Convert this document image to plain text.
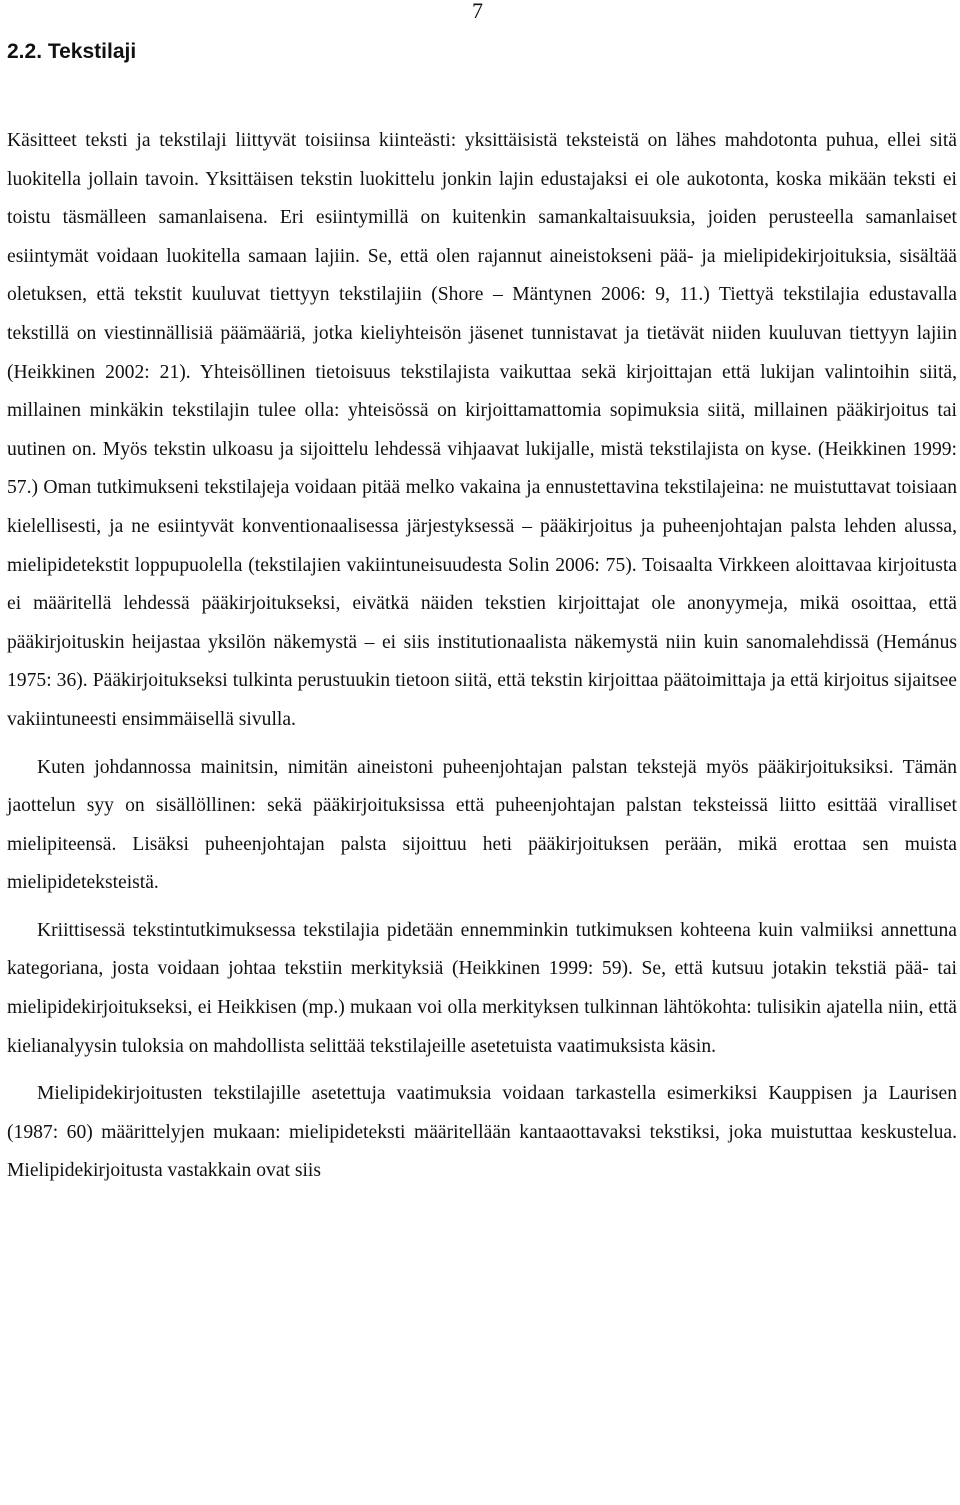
7
2.2. Tekstilaji

Käsitteet teksti ja tekstilaji liittyvät toisiinsa kiinteästi: yksittäisistä teksteistä on lähes mahdotonta puhua, ellei sitä luokitella jollain tavoin. Yksittäisen tekstin luokittelu jonkin lajin edustajaksi ei ole aukotonta, koska mikään teksti ei toistu täsmälleen samanlaisena. Eri esiintymillä on kuitenkin samankaltaisuuksia, joiden perusteella samanlaiset esiintymät voidaan luokitella samaan lajiin. Se, että olen rajannut aineistokseni pää- ja mielipidekirjoituksia, sisältää oletuksen, että tekstit kuuluvat tiettyyn tekstilajiin (Shore – Mäntynen 2006: 9, 11.) Tiettyä tekstilajia edustavalla tekstillä on viestinnällisiä päämääriä, jotka kieliyhteisön jäsenet tunnistavat ja tietävät niiden kuuluvan tiettyyn lajiin (Heikkinen 2002: 21). Yhteisöllinen tietoisuus tekstilajista vaikuttaa sekä kirjoittajan että lukijan valintoihin siitä, millainen minkäkin tekstilajin tulee olla: yhteisössä on kirjoittamattomia sopimuksia siitä, millainen pääkirjoitus tai uutinen on. Myös tekstin ulkoasu ja sijoittelu lehdessä vihjaavat lukijalle, mistä tekstilajista on kyse. (Heikkinen 1999: 57.) Oman tutkimukseni tekstilajeja voidaan pitää melko vakaina ja ennustettavina tekstilajeina: ne muistuttavat toisiaan kielellisesti, ja ne esiintyvät konventionaalisessa järjestyksessä – pääkirjoitus ja puheenjohtajan palsta lehden alussa, mielipidetekstit loppupuolella (tekstilajien vakiintuneisuudesta Solin 2006: 75). Toisaalta Virkkeen aloittavaa kirjoitusta ei määritellä lehdessä pääkirjoitukseksi, eivätkä näiden tekstien kirjoittajat ole anonyymeja, mikä osoittaa, että pääkirjoituskin heijastaa yksilön näkemystä – ei siis institutionaalista näkemystä niin kuin sanomalehdissä (Hemánus 1975: 36). Pääkirjoitukseksi tulkinta perustuukin tietoon siitä, että tekstin kirjoittaa päätoimittaja ja että kirjoitus sijaitsee vakiintuneesti ensimmäisellä sivulla.

Kuten johdannossa mainitsin, nimitän aineistoni puheenjohtajan palstan tekstejä myös pääkirjoituksiksi. Tämän jaottelun syy on sisällöllinen: sekä pääkirjoituksissa että puheenjohtajan palstan teksteissä liitto esittää viralliset mielipiteensä. Lisäksi puheenjohtajan palsta sijoittuu heti pääkirjoituksen perään, mikä erottaa sen muista mielipideteksteistä.

Kriittisessä tekstintutkimuksessa tekstilajia pidetään ennemminkin tutkimuksen kohteena kuin valmiiksi annettuna kategoriana, josta voidaan johtaa tekstiin merkityksiä (Heikkinen 1999: 59). Se, että kutsuu jotakin tekstiä pää- tai mielipidekirjoitukseksi, ei Heikkisen (mp.) mukaan voi olla merkityksen tulkinnan lähtökohta: tulisikin ajatella niin, että kielianalyysin tuloksia on mahdollista selittää tekstilajeille asetetuista vaatimuksista käsin.

Mielipidekirjoitusten tekstilajille asetettuja vaatimuksia voidaan tarkastella esimerkiksi Kauppisen ja Laurisen (1987: 60) määrittelyjen mukaan: mielipideteksti määritellään kantaaottavaksi tekstiksi, joka muistuttaa keskustelua. Mielipidekirjoitusta vastakkain ovat siis
